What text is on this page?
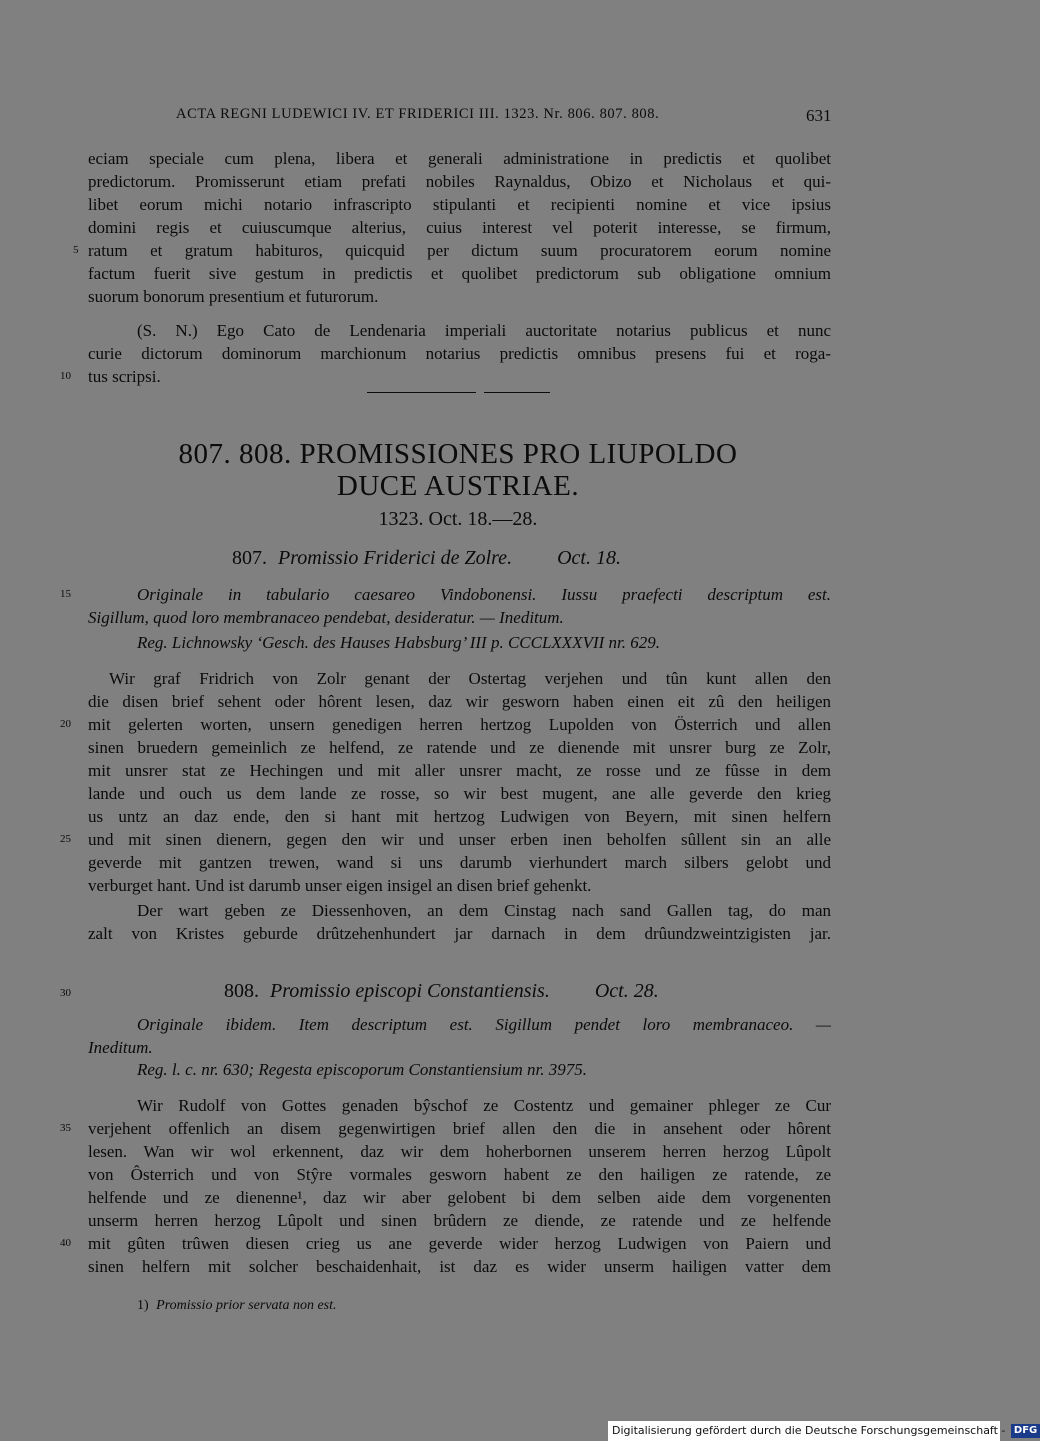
ACTA REGNI LUDEWICI IV. ET FRIDERICI III. 1323. Nr. 806. 807. 808.	631
eciam speciale cum plena, libera et generali administratione in predictis et quolibet
predictorum. Promisserunt etiam prefati nobiles Raynaldus, Obizo et Nicholaus et qui-
libet eorum michi notario infrascripto stipulanti et recipienti nomine et vice ipsius
domini regis et cuiuscumque alterius, cuius interest vel poterit interesse, se firmum,
ratum et gratum habituros, quicquid per dictum suum procuratorem eorum nomine
factum fuerit sive gestum in predictis et quolibet predictorum sub obligatione omnium
suorum bonorum presentium et futurorum.
(S. N.) Ego Cato de Lendenaria imperiali auctoritate notarius publicus et nunc
curie dictorum dominorum marchionum notarius predictis omnibus presens fui et roga-
tus scripsi.
807. 808. PROMISSIONES PRO LIUPOLDO
DUCE AUSTRIAE.
1323. Oct. 18.—28.
807. Promissio Friderici de Zolre. Oct. 18.
Originale in tabulario caesareo Vindobonensi. Iussu praefecti descriptum est.
Sigillum, quod loro membranaceo pendebat, desideratur. — Ineditum.
Reg. Lichnowsky ‘Gesch. des Hauses Habsburg’ III p. CCCLXXXVII nr. 629.
Wir graf Fridrich von Zolr genant der Ostertag verjehen und tûn kunt allen den
die disen brief sehent oder hôrent lesen, daz wir gesworn haben einen eit zû den heiligen
mit gelerten worten, unsern genedigen herren hertzog Lupolden von Österrich und allen
sinen bruedern gemeinlich ze helfend, ze ratende und ze dienende mit unsrer burg ze Zolr,
mit unsrer stat ze Hechingen und mit aller unsrer macht, ze rosse und ze fûsse in dem
lande und ouch us dem lande ze rosse, so wir best mugent, ane alle geverde den krieg
us untz an daz ende, den si hant mit hertzog Ludwigen von Beyern, mit sinen helfern
und mit sinen dienern, gegen den wir und unser erben inen beholfen sûllent sin an alle
geverde mit gantzen trewen, wand si uns darumb vierhundert march silbers gelobt und
verburget hant. Und ist darumb unser eigen insigel an disen brief gehenkt.
Der wart geben ze Diessenhoven, an dem Cinstag nach sand Gallen tag, do man
zalt von Kristes geburde drûtzehenhundert jar darnach in dem drûundzweintzigisten jar.
808. Promissio episcopi Constantiensis. Oct. 28.
Originale ibidem. Item descriptum est. Sigillum pendet loro membranaceo. —
Ineditum.
Reg. l. c. nr. 630; Regesta episcoporum Constantiensium nr. 3975.
Wir Rudolf von Gottes genaden bŷschof ze Costentz und gemainer phleger ze Cur
verjehent offenlich an disem gegenwirtigen brief allen den die in ansehent oder hôrent
lesen. Wan wir wol erkennent, daz wir dem hoherbornen unserem herren herzog Lûpolt
von Ôsterrich und von Stŷre vormales gesworn habent ze den hailigen ze ratende, ze
helfende und ze dienenne¹, daz wir aber gelobent bi dem selben aide dem vorgenenten
unserm herren herzog Lûpolt und sinen brûdern ze diende, ze ratende und ze helfende
mit gûten trûwen diesen crieg us ane geverde wider herzog Ludwigen von Paiern und
sinen helfern mit solcher beschaidenhait, ist daz es wider unserm hailigen vatter dem
5
10
15
20
25
30
35
40
1) Promissio prior servata non est.
Digitalisierung gefördert durch die Deutsche Forschungsgemeinschaft - DFG
